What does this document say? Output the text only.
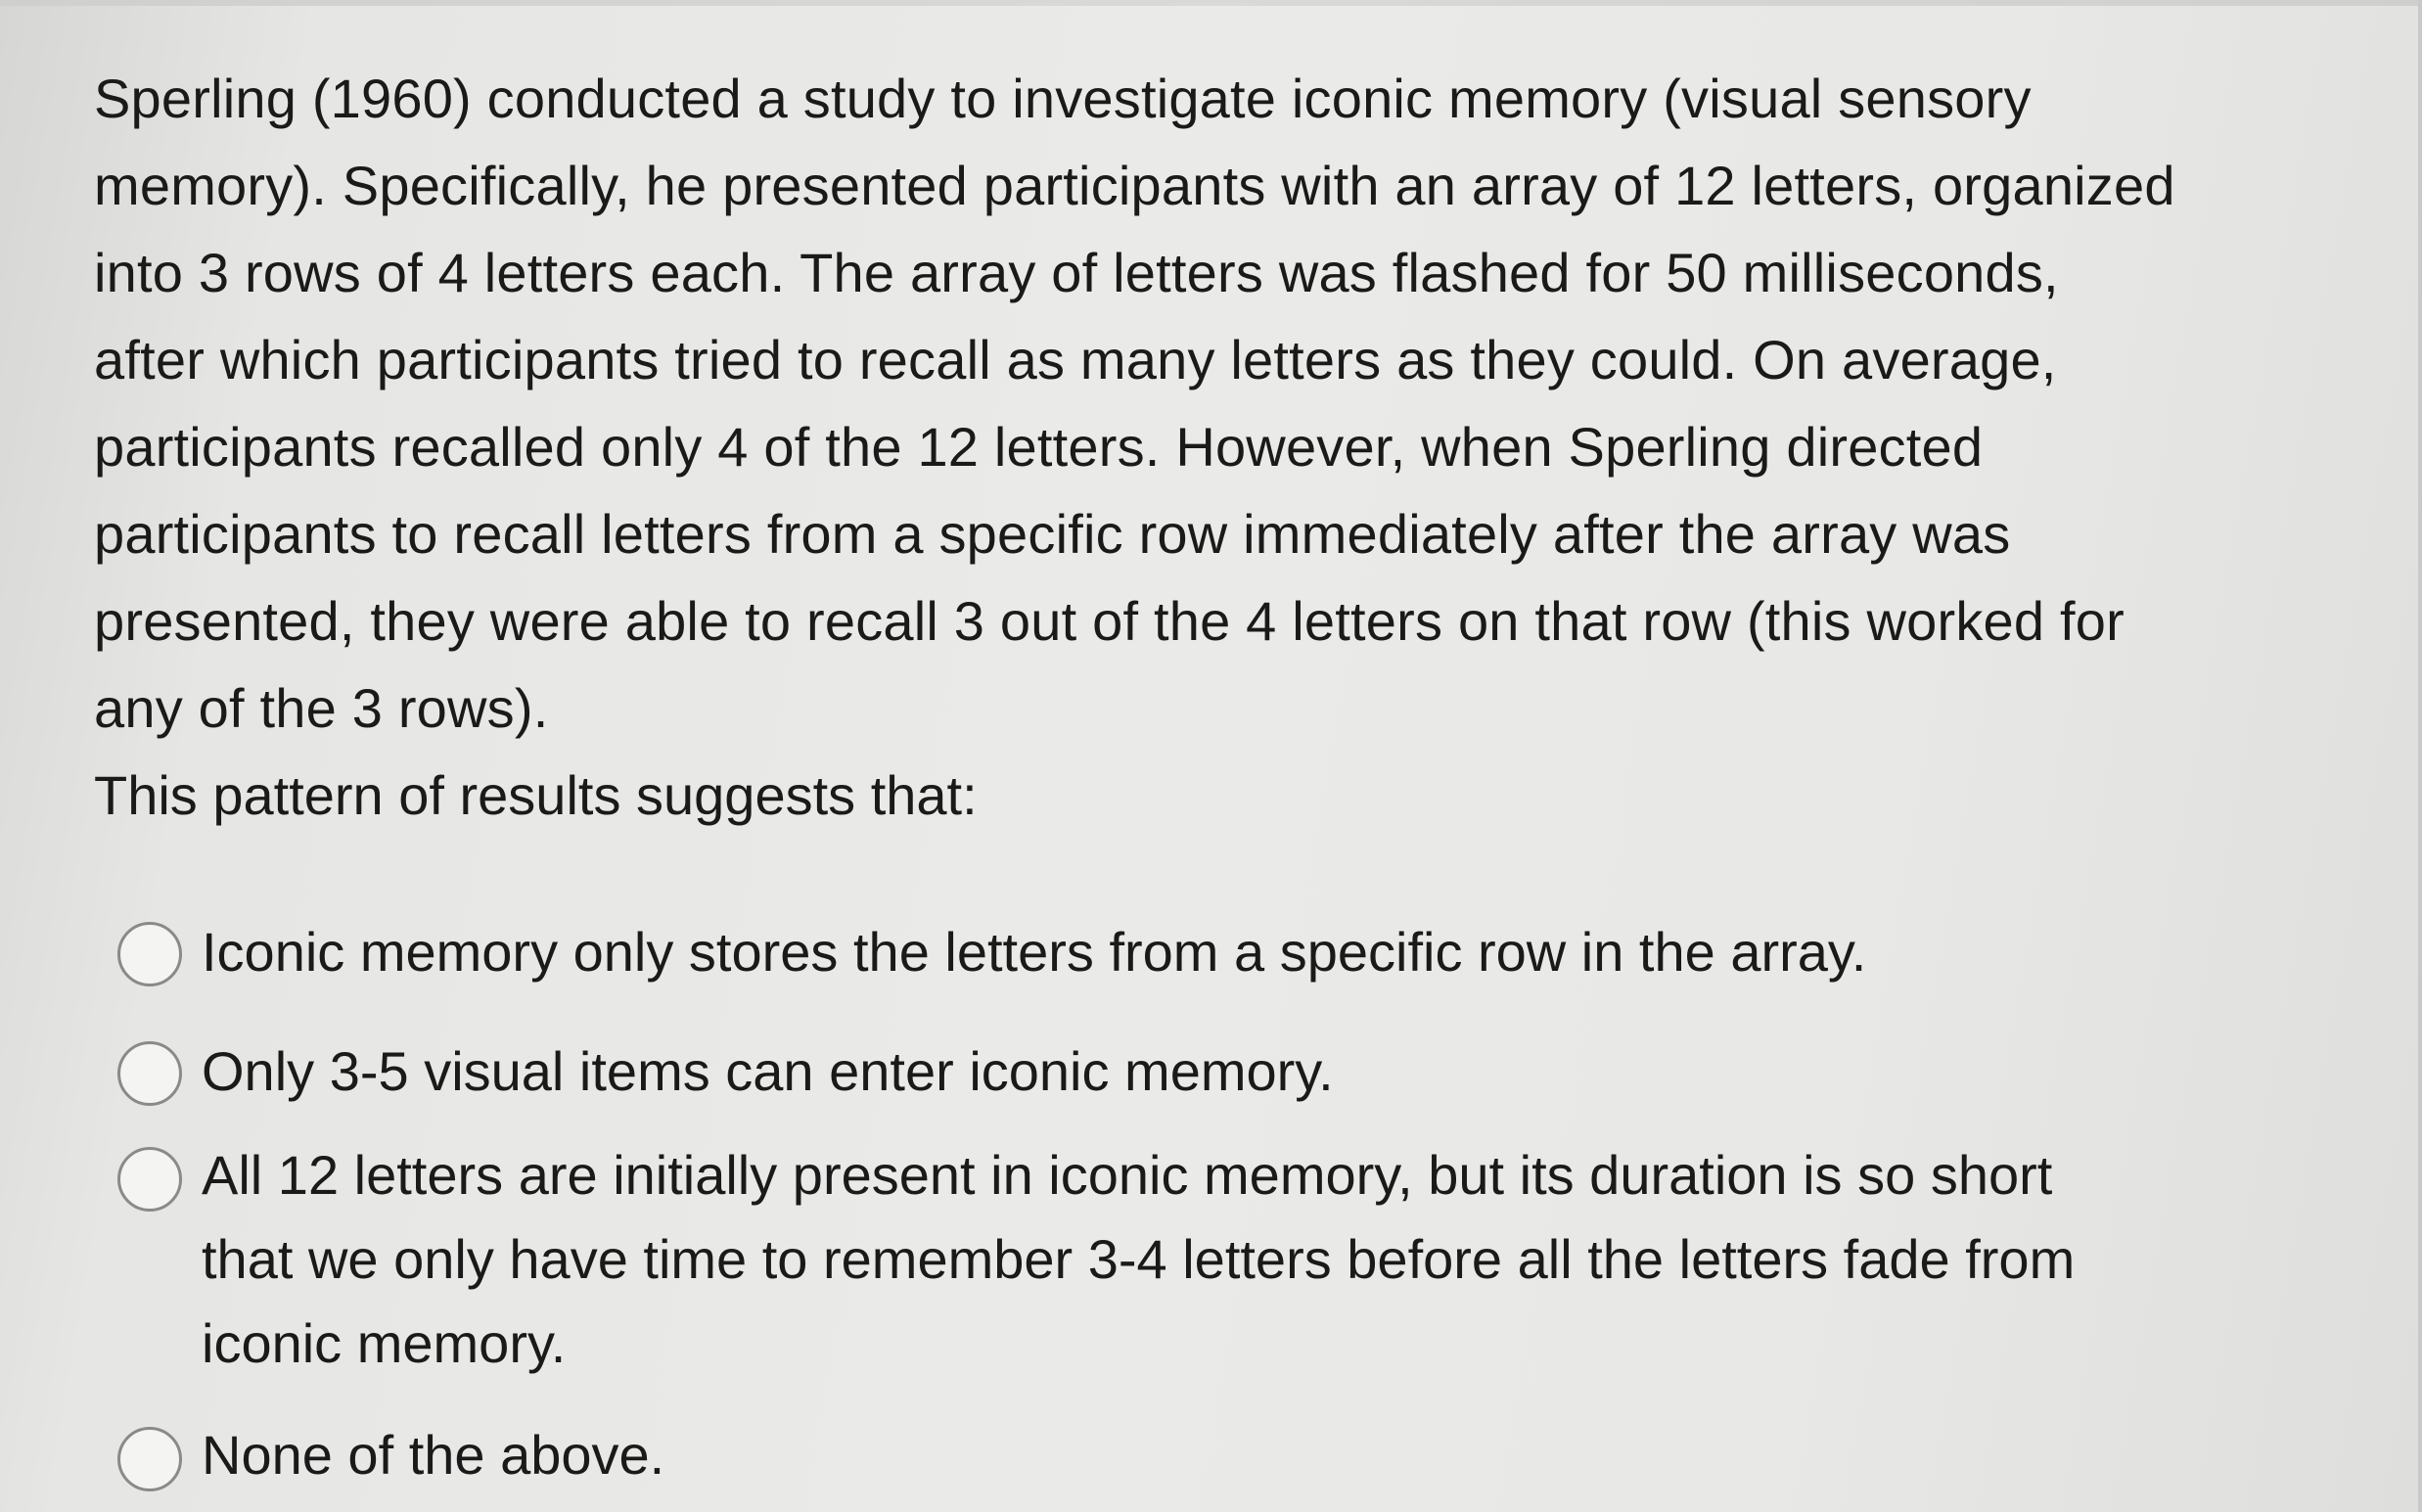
Sperling (1960) conducted a study to investigate iconic memory (visual sensory
memory). Specifically, he presented participants with an array of 12 letters, organized
into 3 rows of 4 letters each. The array of letters was flashed for 50 milliseconds,
after which participants tried to recall as many letters as they could. On average,
participants recalled only 4 of the 12 letters. However, when Sperling directed
participants to recall letters from a specific row immediately after the array was
presented, they were able to recall 3 out of the 4 letters on that row (this worked for
any of the 3 rows).
This pattern of results suggests that:
Iconic memory only stores the letters from a specific row in the array.
Only 3-5 visual items can enter iconic memory.
All 12 letters are initially present in iconic memory, but its duration is so short
that we only have time to remember 3-4 letters before all the letters fade from
iconic memory.
None of the above.
